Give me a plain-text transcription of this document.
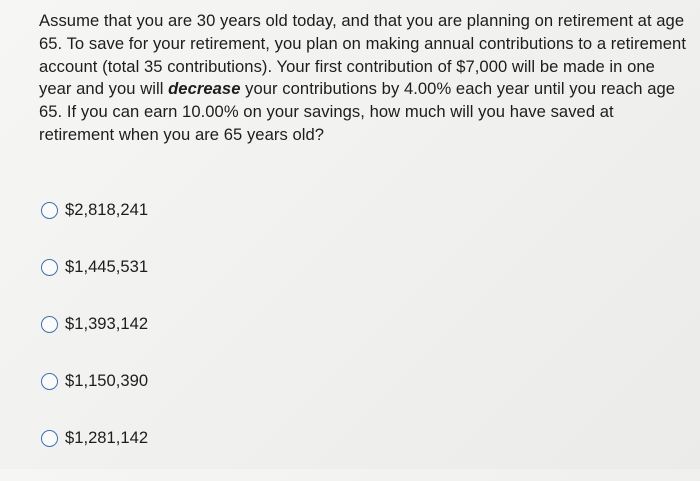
Assume that you are 30 years old today, and that you are planning on retirement at age 65. To save for your retirement, you plan on making annual contributions to a retirement account (total 35 contributions). Your first contribution of $7,000 will be made in one year and you will decrease your contributions by 4.00% each year until you reach age 65. If you can earn 10.00% on your savings, how much will you have saved at retirement when you are 65 years old?
$2,818,241
$1,445,531
$1,393,142
$1,150,390
$1,281,142
